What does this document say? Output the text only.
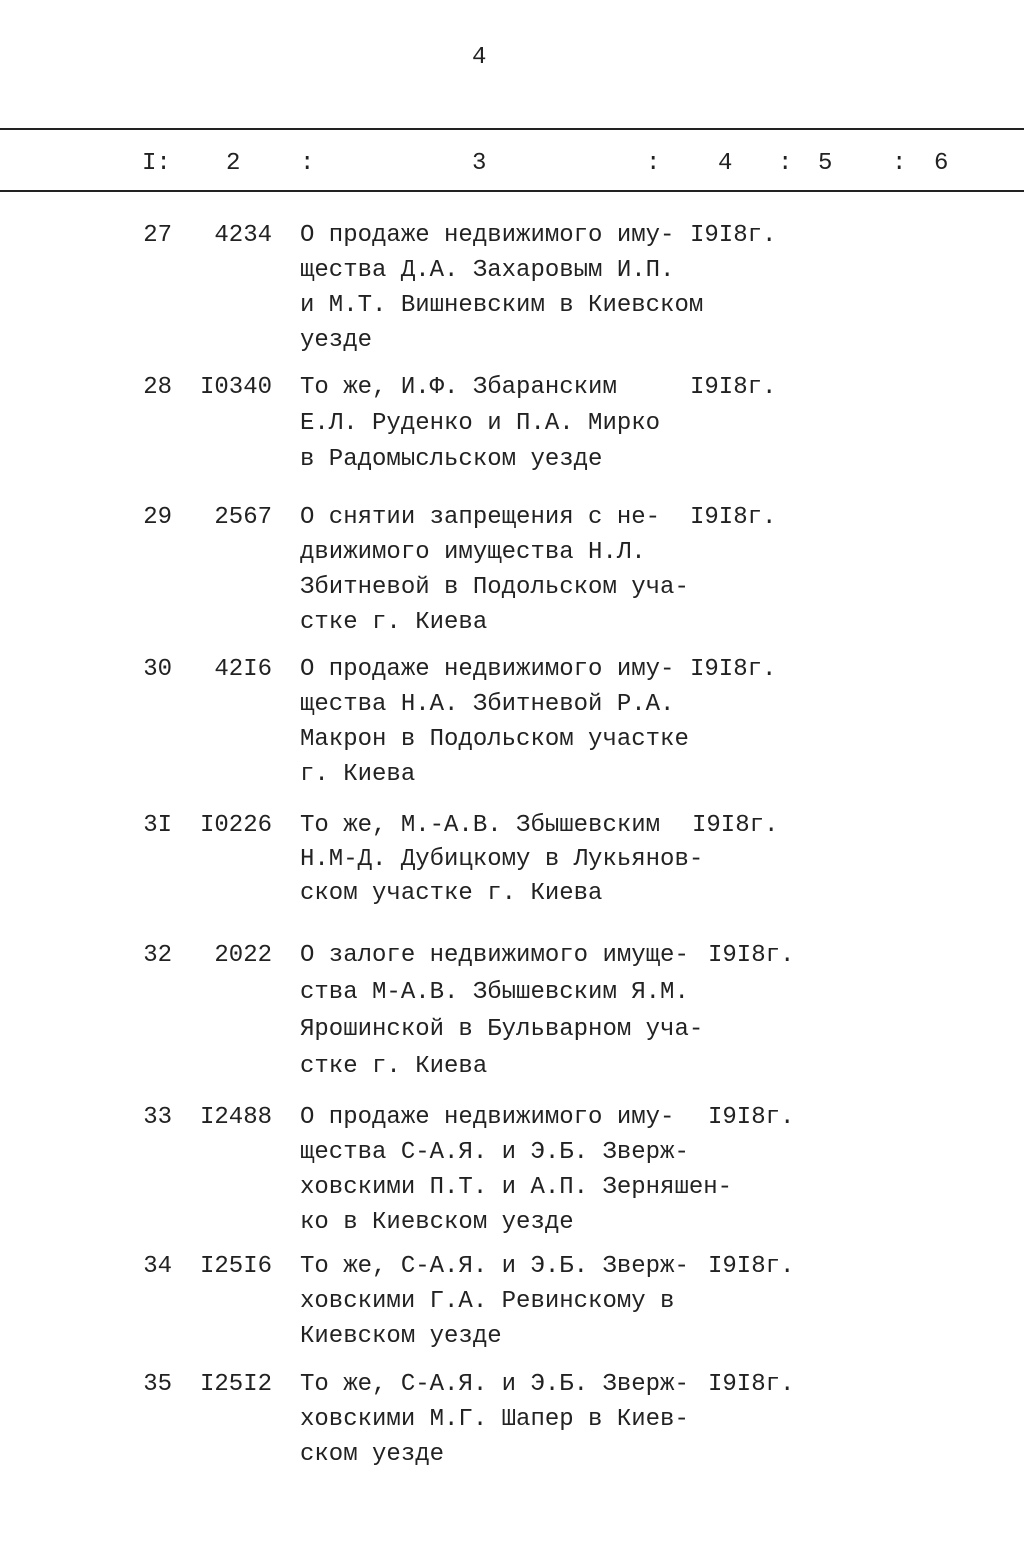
4
I: 2 :	3	: 4 : 5 : 6
27 4234 О продаже недвижимого иму-
щества Д.А. Захаровым И.П.
и М.Т. Вишневским в Киевском
уезде
I9I8г.
28 I0340 То же, И.Ф. Збаранским
Е.Л. Руденко и П.А. Мирко
в Радомысльском уезде
I9I8г.
29 2567 О снятии запрещения с не-
движимого имущества Н.Л.
Збитневой в Подольском уча-
стке г. Киева
I9I8г.
30 42I6 О продаже недвижимого иму-
щества Н.А. Збитневой Р.А.
Макрон в Подольском участке
г. Киева
I9I8г.
3I I0226 То же, М.-А.В. Збышевским
Н.М-Д. Дубицкому в Лукьянов-
ском участке г. Киева
I9I8г.
32 2022 О залоге недвижимого имуще-
ства М-А.В. Збышевским Я.М.
Ярошинской в Бульварном уча-
стке г. Киева
I9I8г.
33 I2488 О продаже недвижимого иму-
щества С-А.Я. и Э.Б. Зверж-
ховскими П.Т. и А.П. Зерняшен-
ко в Киевском уезде
I9I8г.
34 I25I6 То же, С-А.Я. и Э.Б. Зверж-
ховскими Г.А. Ревинскому в
Киевском уезде
I9I8г.
35 I25I2 То же, С-А.Я. и Э.Б. Зверж-
ховскими М.Г. Шапер в Киев-
ском уезде
I9I8г.
